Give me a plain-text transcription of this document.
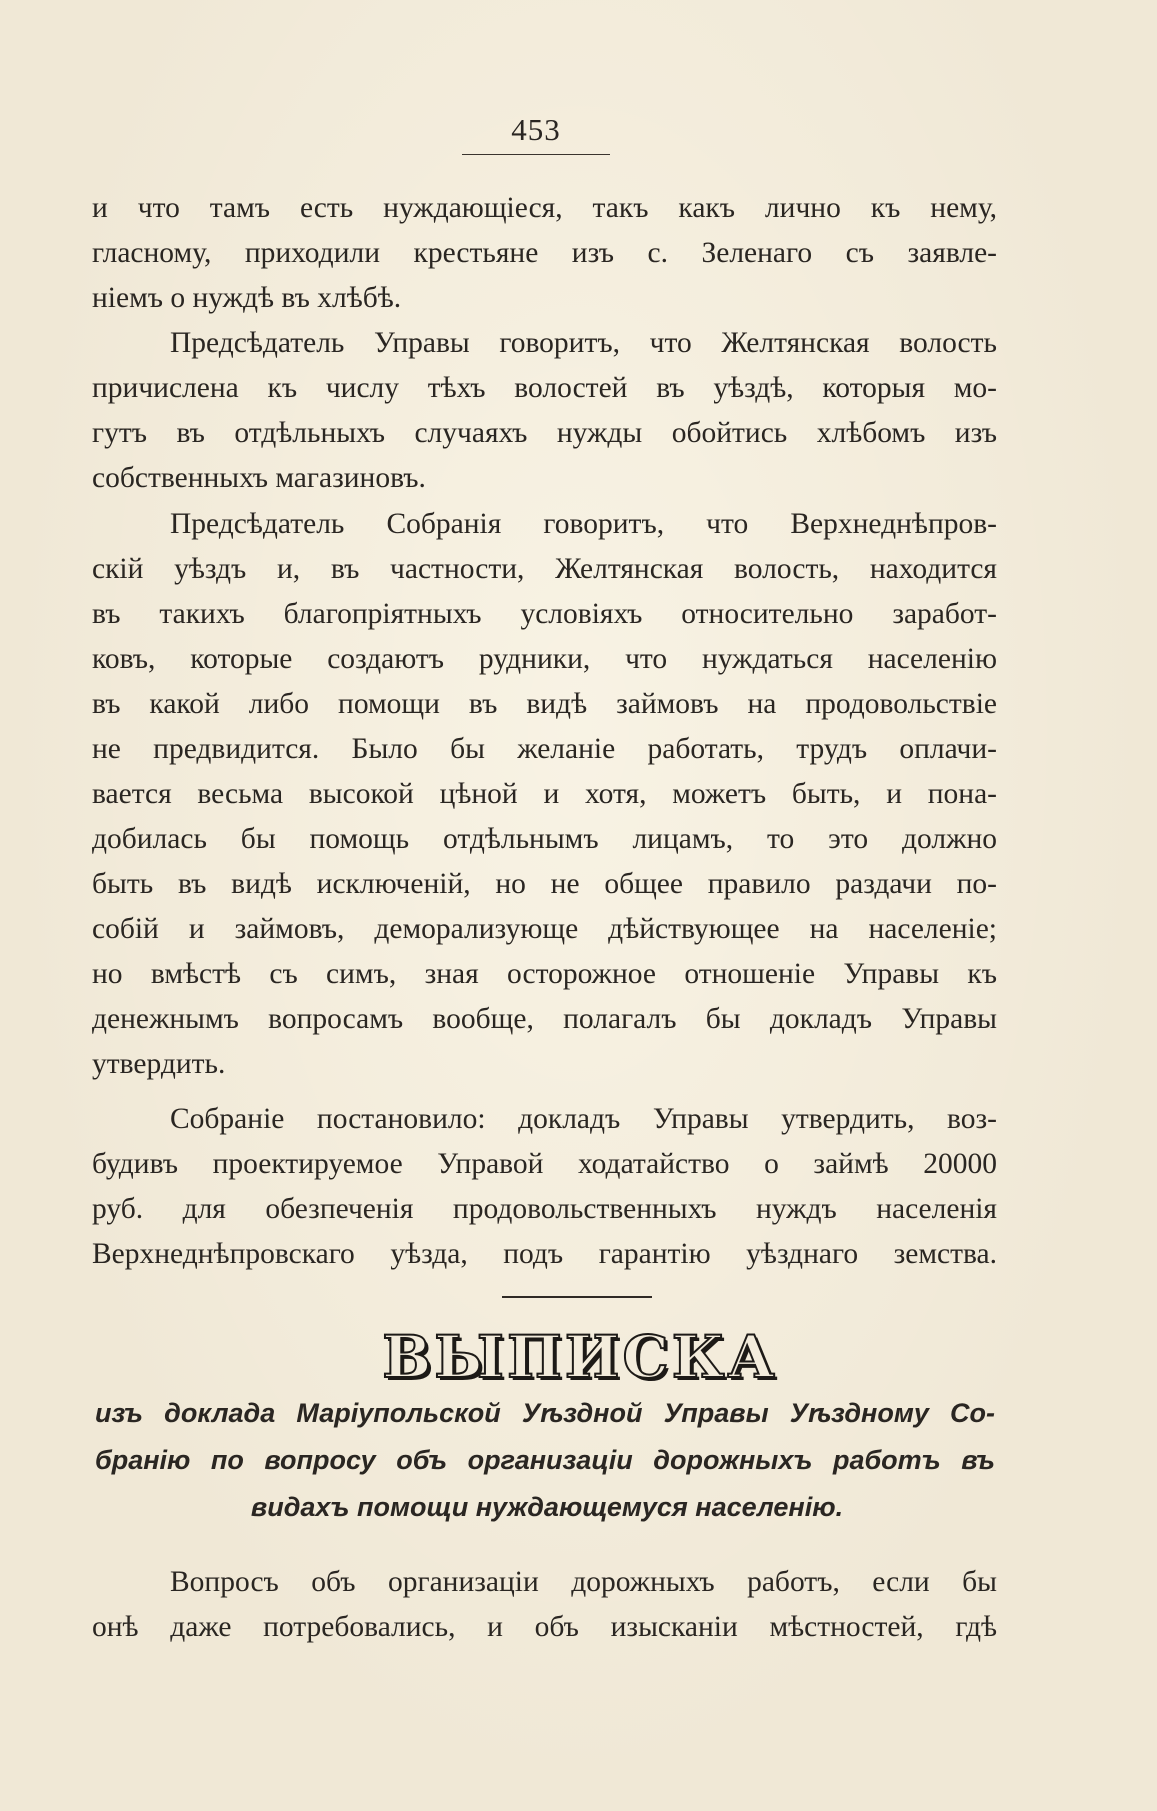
453
и что тамъ есть нуждающіеся, такъ какъ лично къ нему,
гласному, приходили крестьяне изъ с. Зеленаго съ заявле-
ніемъ о нуждѣ въ хлѣбѣ.
Предсѣдатель Управы говоритъ, что Желтянская волость
причислена къ числу тѣхъ волостей въ уѣздѣ, которыя мо-
гутъ въ отдѣльныхъ случаяхъ нужды обойтись хлѣбомъ изъ
собственныхъ магазиновъ.
Предсѣдатель Собранія говоритъ, что Верхнеднѣпров-
скій уѣздъ и, въ частности, Желтянская волость, находится
въ такихъ благопріятныхъ условіяхъ относительно заработ-
ковъ, которые создаютъ рудники, что нуждаться населенію
въ какой либо помощи въ видѣ займовъ на продовольствіе
не предвидится. Было бы желаніе работать, трудъ оплачи-
вается весьма высокой цѣной и хотя, можетъ быть, и пона-
добилась бы помощь отдѣльнымъ лицамъ, то это должно
быть въ видѣ исключеній, но не общее правило раздачи по-
собій и займовъ, деморализующе дѣйствующее на населеніе;
но вмѣстѣ съ симъ, зная осторожное отношеніе Управы къ
денежнымъ вопросамъ вообще, полагалъ бы докладъ Управы
утвердить.
Собраніе постановило: докладъ Управы утвердить, воз-
будивъ проектируемое Управой ходатайство о займѣ 20000
руб. для обезпеченія продовольственныхъ нуждъ населенія
Верхнеднѣпровскаго уѣзда, подъ гарантію уѣзднаго земства.
ВЫПИСКА
изъ доклада Маріупольской Уѣздной Управы Уѣздному Со-
бранію по вопросу объ организаціи дорожныхъ работъ въ
видахъ помощи нуждающемуся населенію.
Вопросъ объ организаціи дорожныхъ работъ, если бы
онѣ даже потребовались, и объ изысканіи мѣстностей, гдѣ
